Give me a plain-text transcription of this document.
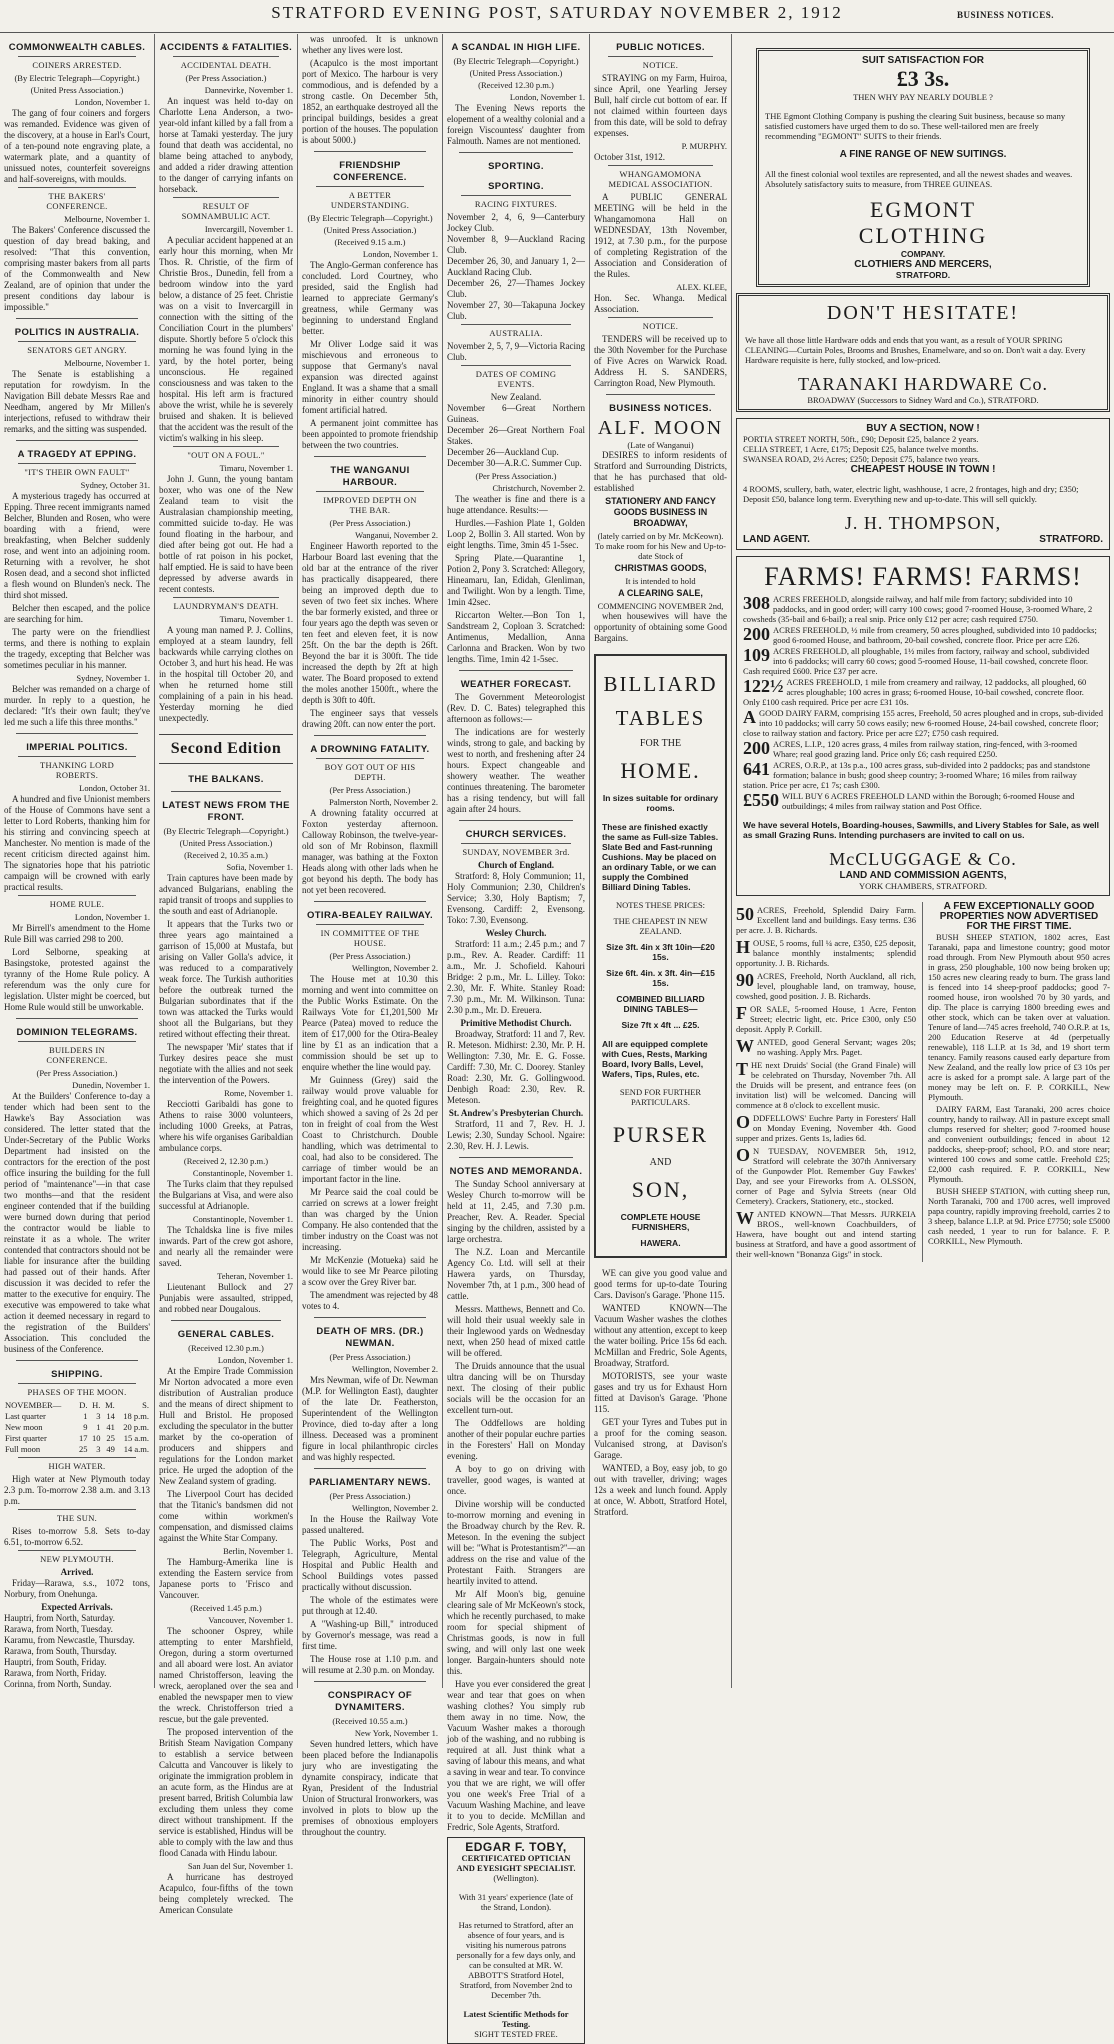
STRATFORD EVENING POST, SATURDAY NOVEMBER 2, 1912	BUSINESS NOTICES.
COMMONWEALTH CABLES.
COINERS ARRESTED.
(By Electric Telegraph—Copyright.)
(United Press Association.)
London, November 1.

The gang of four coiners and forgers was remanded. Evidence was given of the discovery, at a house in Earl's Court, of a ten-pound note engraving plate, a watermark plate, and a quantity of unissued notes, counterfeit sovereigns and half-sovereigns, with moulds.

THE BAKERS' CONFERENCE.
Melbourne, November 1.

The Bakers' Conference discussed the question of day bread baking, and resolved: "That this convention, comprising master bakers from all parts of the Commonwealth and New Zealand, are of opinion that under the present conditions day labour is impossible."

POLITICS IN AUSTRALIA.
SENATORS GET ANGRY.
Melbourne, November 1.

The Senate is establishing a reputation for rowdyism. In the Navigation Bill debate Messrs Rae and Needham, angered by Mr Millen's interjections, refused to withdraw their remarks, and the sitting was suspended.

A TRAGEDY AT EPPING.
"IT'S THEIR OWN FAULT"
Sydney, October 31.

A mysterious tragedy has occurred at Epping. Three recent immigrants named Belcher, Blunden and Rosen, who were boarding with a friend, were breakfasting, when Belcher suddenly rose, and went into an adjoining room. Returning with a revolver, he shot Rosen dead, and a second shot inflicted a flesh wound on Blunden's neck. The third shot missed.

Belcher then escaped, and the police are searching for him.

The party were on the friendliest terms, and there is nothing to explain the tragedy, excepting that Belcher was sometimes peculiar in his manner.

Sydney, November 1.

Belcher was remanded on a charge of murder. In reply to a question, he declared: "It's their own fault; they've led me such a life this three months."

IMPERIAL POLITICS.
THANKING LORD ROBERTS.
London, October 31.

A hundred and five Unionist members of the House of Commons have sent a letter to Lord Roberts, thanking him for his stirring and convincing speech at Manchester. No mention is made of the recent criticism directed against him. The signatories hope that his patriotic campaign will be crowned with early practical results.

HOME RULE.
London, November 1.

Mr Birrell's amendment to the Home Rule Bill was carried 298 to 200.

Lord Selborne, speaking at Basingstoke, protested against the tyranny of the Home Rule policy. A referendum was the only cure for legislation. Ulster might be coerced, but Home Rule would still be unworkable.

DOMINION TELEGRAMS.
BUILDERS IN CONFERENCE.
(Per Press Association.)
Dunedin, November 1.

At the Builders' Conference to-day a tender which had been sent to the Hawke's Bay Association was considered. The letter stated that the Under-Secretary of the Public Works Department had insisted on the contractors for the erection of the post office insuring the building for the full period of "maintenance"—in that case two months—and that the resident engineer contended that if the building were burned down during that period the contractor would be liable to reinstate it as a whole. The writer contended that contractors should not be liable for insurance after the building had passed out of their hands. After discussion it was decided to refer the matter to the executive for enquiry. The executive was empowered to take what action it deemed necessary in regard to the registration of the Builders' Association. This concluded the business of the Conference.

SHIPPING.
PHASES OF THE MOON.
NOVEMBER—	D.	H.	M.	S.
Last quarter	1	3	14	18 p.m.
New moon	9	1	41	20 p.m.
First quarter	17	10	25	15 a.m.
Full moon	25	3	49	14 a.m.
HIGH WATER.

High water at New Plymouth today 2.3 p.m. To-morrow 2.38 a.m. and 3.13 p.m.

THE SUN.

Rises to-morrow 5.8. Sets to-day 6.51, to-morrow 6.52.

NEW PLYMOUTH.
Arrived.

Friday—Rarawa, s.s., 1072 tons, Norbury, from Onehunga.

Expected Arrivals.
Hauptri, from North, Saturday.
Rarawa, from North, Tuesday.
Karamu, from Newcastle, Thursday.
Rarawa, from South, Thursday.
Hauptri, from South, Friday.
Rarawa, from North, Friday.
Corinna, from North, Sunday.
ACCIDENTS & FATALITIES.
ACCIDENTAL DEATH.
(Per Press Association.)
Dannevirke, November 1.

An inquest was held to-day on Charlotte Lena Anderson, a two-year-old infant killed by a fall from a horse at Tamaki yesterday. The jury found that death was accidental, no blame being attached to anybody, and added a rider drawing attention to the danger of carrying infants on horseback.

RESULT OF SOMNAMBULIC ACT.
Invercargill, November 1.

A peculiar accident happened at an early hour this morning, when Mr Thos. R. Christie, of the firm of Christie Bros., Dunedin, fell from a bedroom window into the yard below, a distance of 25 feet. Christie was on a visit to Invercargill in connection with the sitting of the Conciliation Court in the plumbers' dispute. Shortly before 5 o'clock this morning he was found lying in the yard, by the hotel porter, being unconscious. He regained consciousness and was taken to the hospital. His left arm is fractured above the wrist, while he is severely bruised and shaken. It is believed that the accident was the result of the victim's walking in his sleep.

"OUT ON A FOUL."
Timaru, November 1.

John J. Gunn, the young bantam boxer, who was one of the New Zealand team to visit the Australasian championship meeting, committed suicide to-day. He was found floating in the harbour, and died after being got out. He had a bottle of rat poison in his pocket, half emptied. He is said to have been depressed by adverse awards in recent contests.

LAUNDRYMAN'S DEATH.
Timaru, November 1.

A young man named P. J. Collins, employed at a steam laundry, fell backwards while carrying clothes on October 3, and hurt his head. He was in the hospital till October 20, and when he returned home still complaining of a pain in his head. Yesterday morning he died unexpectedly.

Second Edition
THE BALKANS.
LATEST NEWS FROM THE FRONT.
(By Electric Telegraph—Copyright.)
(United Press Association.)
(Received 2, 10.35 a.m.)
Sofia, November 1.

Train captures have been made by advanced Bulgarians, enabling the rapid transit of troops and supplies to the south and east of Adrianople.

It appears that the Turks two or three years ago maintained a garrison of 15,000 at Mustafa, but arising on Valler Golla's advice, it was reduced to a comparatively weak force. The Turkish authorities before the outbreak turned the Bulgarian subordinates that if the town was attacked the Turks would shoot all the Bulgarians, but they retired without effecting their threat.

The newspaper 'Mir' states that if Turkey desires peace she must negotiate with the allies and not seek the intervention of the Powers.

Rome, November 1.

Recciotti Garibaldi has gone to Athens to raise 3000 volunteers, including 1000 Greeks, at Patras, where his wife organises Garibaldian ambulance corps.

(Received 2, 12.30 p.m.)
Constantinople, November 1.

The Turks claim that they repulsed the Bulgarians at Visa, and were also successful at Adrianople.

Constantinople, November 1.

The Tchaldska line is five miles inwards. Part of the crew got ashore, and nearly all the remainder were saved.

Teheran, November 1.

Lieutenant Bullock and 27 Punjabis were assaulted, stripped, and robbed near Dougalous.

GENERAL CABLES.
(Received 12.30 p.m.)
London, November 1.

At the Empire Trade Commission Mr Norton advocated a more even distribution of Australian produce and the means of direct shipment to Hull and Bristol. He proposed excluding the speculator in the butter market by the co-operation of producers and shippers and regulations for the London market price. He urged the adoption of the New Zealand system of grading.

The Liverpool Court has decided that the Titanic's bandsmen did not come within workmen's compensation, and dismissed claims against the White Star Company.

Berlin, November 1.

The Hamburg-Amerika line is extending the Eastern service from Japanese ports to 'Frisco and Vancouver.

(Received 1.45 p.m.)
Vancouver, November 1.

The schooner Osprey, while attempting to enter Marshfield, Oregon, during a storm overturned and all aboard were lost. An aviator named Christofferson, leaving the wreck, aeroplaned over the sea and enabled the newspaper men to view the wreck. Christofferson tried a rescue, but the gale prevented.

The proposed intervention of the British Steam Navigation Company to establish a service between Calcutta and Vancouver is likely to originate the immigration problem in an acute form, as the Hindus are at present barred, British Columbia law excluding them unless they come direct without transhipment. If the service is established, Hindus will be able to comply with the law and thus flood Canada with Hindu labour.

San Juan del Sur, November 1.

A hurricane has destroyed Acapulco, four-fifths of the town being completely wrecked. The American Consulate

was unroofed. It is unknown whether any lives were lost.

(Acapulco is the most important port of Mexico. The harbour is very commodious, and is defended by a strong castle. On December 5th, 1852, an earthquake destroyed all the principal buildings, besides a great portion of the houses. The population is about 5000.)

FRIENDSHIP CONFERENCE.
A BETTER UNDERSTANDING.
(By Electric Telegraph—Copyright.)
(United Press Association.)
(Received 9.15 a.m.)
London, November 1.

The Anglo-German conference has concluded. Lord Courtney, who presided, said the English had learned to appreciate Germany's greatness, while Germany was beginning to understand England better.

Mr Oliver Lodge said it was mischievous and erroneous to suppose that Germany's naval expansion was directed against England. It was a shame that a small minority in either country should foment artificial hatred.

A permanent joint committee has been appointed to promote friendship between the two countries.

THE WANGANUI HARBOUR.
IMPROVED DEPTH ON THE BAR.
(Per Press Association.)
Wanganui, November 2.

Engineer Haworth reported to the Harbour Board last evening that the old bar at the entrance of the river has practically disappeared, there being an improved depth due to seven of two feet six inches. Where the bar formerly existed, and three or four years ago the depth was seven or ten feet and eleven feet, it is now 25ft. On the bar the depth is 26ft. Beyond the bar it is 300ft. The tide increased the depth by 2ft at high water. The Board proposed to extend the moles another 1500ft., where the depth is 30ft to 40ft.

The engineer says that vessels drawing 20ft. can now enter the port.

A DROWNING FATALITY.
BOY GOT OUT OF HIS DEPTH.
(Per Press Association.)
Palmerston North, November 2.

A drowning fatality occurred at Foxton yesterday afternoon. Calloway Robinson, the twelve-year-old son of Mr Robinson, flaxmill manager, was bathing at the Foxton Heads along with other lads when he got beyond his depth. The body has not yet been recovered.

OTIRA-BEALEY RAILWAY.
IN COMMITTEE OF THE HOUSE.
(Per Press Association.)
Wellington, November 2.

The House met at 10.30 this morning and went into committee on the Public Works Estimate. On the Railways Vote for £1,201,500 Mr Pearce (Patea) moved to reduce the item of £17,000 for the Otira-Bealey line by £1 as an indication that a commission should be set up to enquire whether the line would pay.

Mr Guinness (Grey) said the railway would prove valuable for freighting coal, and he quoted figures which showed a saving of 2s 2d per ton in freight of coal from the West Coast to Christchurch. Double handling, which was detrimental to coal, had also to be considered. The carriage of timber would be an important factor in the line.

Mr Pearce said the coal could be carried on screws at a lower freight than was charged by the Union Company. He also contended that the timber industry on the Coast was not increasing.

Mr McKenzie (Motueka) said he would like to see Mr Pearce piloting a scow over the Grey River bar.

The amendment was rejected by 48 votes to 4.

DEATH OF MRS. (DR.) NEWMAN.
(Per Press Association.)
Wellington, November 2.

Mrs Newman, wife of Dr. Newman (M.P. for Wellington East), daughter of the late Dr. Featherston, Superintendent of the Wellington Province, died to-day after a long illness. Deceased was a prominent figure in local philanthropic circles and was highly respected.

PARLIAMENTARY NEWS.
(Per Press Association.)
Wellington, November 2.

In the House the Railway Vote passed unaltered.

The Public Works, Post and Telegraph, Agriculture, Mental Hospital and Public Health and School Buildings votes passed practically without discussion.

The whole of the estimates were put through at 12.40.

A "Washing-up Bill," introduced by Governor's message, was read a first time.

The House rose at 1.10 p.m. and will resume at 2.30 p.m. on Monday.

CONSPIRACY OF DYNAMITERS.
(Received 10.55 a.m.)
New York, November 1.

Seven hundred letters, which have been placed before the Indianapolis jury who are investigating the dynamite conspiracy, indicate that Ryan, President of the Industrial Union of Structural Ironworkers, was involved in plots to blow up the premises of obnoxious employers throughout the country.

A SCANDAL IN HIGH LIFE.
(By Electric Telegraph—Copyright.)
(United Press Association.)
(Received 12.30 p.m.)
London, November 1.

The Evening News reports the elopement of a wealthy colonial and a foreign Viscountess' daughter from Falmouth. Names are not mentioned.

SPORTING.
SPORTING.
RACING FIXTURES.
November 2, 4, 6, 9—Canterbury Jockey Club.
November 8, 9—Auckland Racing Club.
December 26, 30, and January 1, 2—Auckland Racing Club.
December 26, 27—Thames Jockey Club.
November 27, 30—Takapuna Jockey Club.
AUSTRALIA.
November 2, 5, 7, 9—Victoria Racing Club.
DATES OF COMING EVENTS.
New Zealand.
November 6—Great Northern Guineas.
December 26—Great Northern Foal Stakes.
December 26—Auckland Cup.
December 30—A.R.C. Summer Cup.
(Per Press Association.)
Christchurch, November 2.

The weather is fine and there is a huge attendance. Results:—

Hurdles.—Fashion Plate 1, Golden Loop 2, Bollin 3. All started. Won by eight lengths. Time, 3min 45 1-5sec.

Spring Plate.—Quarantine 1, Potion 2, Pony 3. Scratched: Allegory, Hineamaru, Ian, Edidah, Glenliman, and Twilight. Won by a length. Time, 1min 42sec.

Riccarton Welter.—Bon Ton 1, Sandstream 2, Coploan 3. Scratched: Antimenus, Medallion, Anna Carlonna and Bracken. Won by two lengths. Time, 1min 42 1-5sec.

WEATHER FORECAST.

The Government Meteorologist (Rev. D. C. Bates) telegraphed this afternoon as follows:—

The indications are for westerly winds, strong to gale, and backing by west to north, and freshening after 24 hours. Expect changeable and showery weather. The weather continues threatening. The barometer has a rising tendency, but will fall again after 24 hours.

CHURCH SERVICES.
SUNDAY, NOVEMBER 3rd.
Church of England.

Stratford: 8, Holy Communion; 11, Holy Communion; 2.30, Children's Service; 3.30, Holy Baptism; 7, Evensong. Cardiff: 2, Evensong. Toko: 7.30, Evensong.

Wesley Church.

Stratford: 11 a.m.; 2.45 p.m.; and 7 p.m., Rev. A. Reader. Cardiff: 11 a.m., Mr. J. Schofield. Kahouri Bridge: 2 p.m., Mr. L. Lilley. Toko: 2.30, Mr. F. White. Stanley Road: 7.30 p.m., Mr. M. Wilkinson. Tuna: 2.30 p.m., Mr. D. Ereuera.

Primitive Methodist Church.

Broadway, Stratford: 11 and 7, Rev. R. Meteson. Midhirst: 2.30, Mr. P. H. Wellington: 7.30, Mr. E. G. Fosse. Cardiff: 7.30, Mr. C. Doorey. Stanley Road: 2.30, Mr. G. Gollingwood. Denbigh Road: 2.30, Rev. R. Meteson.

St. Andrew's Presbyterian Church.

Stratford, 11 and 7, Rev. H. J. Lewis; 2.30, Sunday School. Ngaire: 2.30, Rev. H. J. Lewis.

NOTES AND MEMORANDA.

The Sunday School anniversary at Wesley Church to-morrow will be held at 11, 2.45, and 7.30 p.m. Preacher, Rev. A. Reader. Special singing by the children, assisted by a large orchestra.

The N.Z. Loan and Mercantile Agency Co. Ltd. will sell at their Hawera yards, on Thursday, November 7th, at 1 p.m., 300 head of cattle.

Messrs. Matthews, Bennett and Co. will hold their usual weekly sale in their Inglewood yards on Wednesday next, when 250 head of mixed cattle will be offered.

The Druids announce that the usual ultra dancing will be on Thursday next. The closing of their public socials will be the occasion for an excellent turn-out.

The Oddfellows are holding another of their popular euchre parties in the Foresters' Hall on Monday evening.

A boy to go on driving with traveller, good wages, is wanted at once.

Divine worship will be conducted to-morrow morning and evening in the Broadway church by the Rev. R. Meteson. In the evening the subject will be: "What is Protestantism?"—an address on the rise and value of the Protestant Faith. Strangers are heartily invited to attend.

Mr Alf Moon's big, genuine clearing sale of Mr McKeown's stock, which he recently purchased, to make room for special shipment of Christmas goods, is now in full swing, and will only last one week longer. Bargain-hunters should note this.

Have you ever considered the great wear and tear that goes on when washing clothes? You simply rub them away in no time. Now, the Vacuum Washer makes a thorough job of the washing, and no rubbing is required at all. Just think what a saving of labour this means, and what a saving in wear and tear. To convince you that we are right, we will offer you one week's Free Trial of a Vacuum Washing Machine, and leave it to you to decide. McMillan and Fredric, Sole Agents, Stratford.

EDGAR F. TOBY,
CERTIFICATED OPTICIAN AND EYESIGHT SPECIALIST.
(Wellington).

With 31 years' experience (late of the Strand, London).

Has returned to Stratford, after an absence of four years, and is visiting his numerous patrons personally for a few days only, and can be consulted at MR. W. ABBOTT'S Stratford Hotel, Stratford, from November 2nd to December 7th.

Latest Scientific Methods for Testing.
SIGHT TESTED FREE.
PUBLIC NOTICES.
NOTICE.

STRAYING on my Farm, Huiroa, since April, one Yearling Jersey Bull, half circle cut bottom of ear. If not claimed within fourteen days from this date, will be sold to defray expenses.

P. MURPHY.
October 31st, 1912.
WHANGAMOMONA MEDICAL ASSOCIATION.

A PUBLIC GENERAL MEETING will be held in the Whangamomona Hall on WEDNESDAY, 13th November, 1912, at 7.30 p.m., for the purpose of completing Registration of the Association and Consideration of the Rules.

ALEX. KLEE,
Hon. Sec. Whanga. Medical Association.
NOTICE.

TENDERS will be received up to the 30th November for the Purchase of Five Acres on Warwick Road. Address H. S. SANDERS, Carrington Road, New Plymouth.

BUSINESS NOTICES.
ALF. MOON
(Late of Wanganui)

DESIRES to inform residents of Stratford and Surrounding Districts, that he has purchased that old-established

STATIONERY AND FANCY GOODS BUSINESS IN BROADWAY,
(lately carried on by Mr. McKeown).
To make room for his New and Up-to-date Stock of
CHRISTMAS GOODS,
It is intended to hold
A CLEARING SALE,
COMMENCING NOVEMBER 2nd,

when housewives will have the opportunity of obtaining some Good Bargains.

BILLIARD
TABLES
FOR THE
HOME.
In sizes suitable for ordinary rooms.

These are finished exactly the same as Full-size Tables. Slate Bed and Fast-running Cushions. May be placed on an ordinary Table, or we can supply the Combined Billiard Dining Tables.

NOTES THESE PRICES:
THE CHEAPEST IN NEW ZEALAND.
Size 3ft. 4in x 3ft 10in—£20 15s.
Size 6ft. 4in. x 3ft. 4in—£15 15s.
COMBINED BILLIARD DINING TABLES—
Size 7ft x 4ft ... £25.

All are equipped complete with Cues, Rests, Marking Board, Ivory Balls, Level, Wafers, Tips, Rules, etc.

SEND FOR FURTHER PARTICULARS.
PURSER
AND
SON,
COMPLETE HOUSE FURNISHERS,
HAWERA.

WE can give you good value and good terms for up-to-date Touring Cars. Davison's Garage. 'Phone 115.

WANTED KNOWN—The Vacuum Washer washes the clothes without any attention, except to keep the water boiling. Price 15s 6d each. McMillan and Fredric, Sole Agents, Broadway, Stratford.

MOTORISTS, see your waste gases and try us for Exhaust Horn fitted at Davison's Garage. 'Phone 115.

GET your Tyres and Tubes put in a proof for the coming season. Vulcanised strong, at Davison's Garage.

WANTED, a Boy, easy job, to go out with traveller, driving; wages 12s a week and lunch found. Apply at once, W. Abbott, Stratford Hotel, Stratford.

SUIT SATISFACTION FOR
£3 3s.
THEN WHY PAY NEARLY DOUBLE ?

THE Egmont Clothing Company is pushing the clearing Suit business, because so many satisfied customers have urged them to do so. These well-tailored men are freely recommending "EGMONT" SUITS to their friends.

A FINE RANGE OF NEW SUITINGS.

All the finest colonial wool textiles are represented, and all the newest shades and weaves. Absolutely satisfactory suits to measure, from THREE GUINEAS.

EGMONT
CLOTHING
COMPANY.
CLOTHIERS AND MERCERS,
STRATFORD.
DON'T HESITATE!

We have all those little Hardware odds and ends that you want, as a result of YOUR SPRING CLEANING—Curtain Poles, Brooms and Brushes, Enamelware, and so on. Don't wait a day. Every Hardware requisite is here, fully stocked, and low-priced.

TARANAKI HARDWARE Co.
BROADWAY (Successors to Sidney Ward and Co.), STRATFORD.
BUY A SECTION, NOW !
PORTIA STREET NORTH, 50ft., £90; Deposit £25, balance 2 years.
CELIA STREET, 1 Acre, £175; Deposit £25, balance twelve months.
SWANSEA ROAD, 2½ Acres; £250; Deposit £75, balance two years.
CHEAPEST HOUSE IN TOWN !

4 ROOMS, scullery, bath, water, electric light, washhouse, 1 acre, 2 frontages, high and dry; £350; Deposit £50, balance long term. Everything new and up-to-date. This will sell quickly.

J. H. THOMPSON,
LAND AGENT.	STRATFORD.
FARMS! FARMS! FARMS!
308 ACRES FREEHOLD, alongside railway, and half mile from factory; subdivided into 10 paddocks, and in good order; will carry 100 cows; good 7-roomed House, 3-roomed Whare, 2 cowsheds (35-bail and 6-bail); a real snip. Price only £12 per acre; cash required £750.
200 ACRES FREEHOLD, ½ mile from creamery, 50 acres ploughed, subdivided into 10 paddocks; good 6-roomed House, and bathroom, 20-bail cowshed, concrete floor. Price per acre £26.
109 ACRES FREEHOLD, all ploughable, 1½ miles from factory, railway and school, subdivided into 6 paddocks; will carry 60 cows; good 5-roomed House, 11-bail cowshed, concrete floor. Cash required £600. Price £37 per acre.
122½ ACRES FREEHOLD, 1 mile from creamery and railway, 12 paddocks, all ploughed, 60 acres ploughable; 100 acres in grass; 6-roomed House, 10-bail cowshed, concrete floor. Only £100 cash required. Price per acre £31 10s.
AGOOD DAIRY FARM, comprising 155 acres, Freehold, 50 acres ploughed and in crops, sub-divided into 10 paddocks; will carry 50 cows easily; new 6-roomed House, 24-bail cowshed, concrete floor; close to railway station and factory. Price per acre £27; £750 cash required.
200 ACRES, L.I.P., 120 acres grass, 4 miles from railway station, ring-fenced, with 3-roomed Whare; real good grazing land. Price only £6; cash required £250.
641 ACRES, O.R.P., at 13s p.a., 100 acres grass, sub-divided into 2 paddocks; pas and standstone formation; balance in bush; good sheep country; 3-roomed Whare; 16 miles from railway station. Price per acre, £1 7s; cash £300.
£550 WILL BUY 6 ACRES FREEHOLD LAND within the Borough; 6-roomed House and outbuildings; 4 miles from railway station and Post Office.

We have several Hotels, Boarding-houses, Sawmills, and Livery Stables for Sale, as well as small Grazing Runs. Intending purchasers are invited to call on us.

McCLUGGAGE & Co.
LAND AND COMMISSION AGENTS,
YORK CHAMBERS, STRATFORD.
50 ACRES, Freehold, Splendid Dairy Farm. Excellent land and buildings. Easy terms. £36 per acre. J. B. Richards.
HOUSE, 5 rooms, full ¼ acre, £350, £25 deposit, balance monthly instalments; splendid opportunity. J. B. Richards.
90 ACRES, Freehold, North Auckland, all rich, level, ploughable land, on tramway, house, cowshed, good position. J. B. Richards.
FOR SALE, 5-roomed House, 1 Acre, Fenton Street; electric light, etc. Price £300, only £50 deposit. Apply P. Corkill.
WANTED, good General Servant; wages 20s; no washing. Apply Mrs. Paget.
THE next Druids' Social (the Grand Finale) will be celebrated on Thursday, November 7th. All the Druids will be present, and entrance fees (on invitation list) will be welcomed. Dancing will commence at 8 o'clock to excellent music.
ODDFELLOWS' Euchre Party in Foresters' Hall on Monday Evening, November 4th. Good supper and prizes. Gents 1s, ladies 6d.
O N TUESDAY, NOVEMBER 5th, 1912, Stratford will celebrate the 307th Anniversary of the Gunpowder Plot. Remember Guy Fawkes' Day, and see your Fireworks from A. OLSSON, corner of Page and Sylvia Streets (near Old Cemetery). Crackers, Stationery, etc., stocked.
WANTED KNOWN—That Messrs. JURKEIA BROS., well-known Coachbuilders, of Hawera, have bought out and intend starting business at Stratford, and have a good assortment of their well-known "Bonanza Gigs" in stock.
A FEW EXCEPTIONALLY GOOD PROPERTIES NOW ADVERTISED FOR THE FIRST TIME.

BUSH SHEEP STATION, 1802 acres, East Taranaki, papa and limestone country; good motor road through. From New Plymouth about 950 acres in grass, 250 ploughable, 100 now being broken up; 150 acres new clearing ready to burn. The grass land is fenced into 14 sheep-proof paddocks; good 7-roomed house, iron woolshed 70 by 30 yards, and dip. The place is carrying 1800 breeding ewes and other stock, which can be taken over at valuation. Tenure of land—745 acres freehold, 740 O.R.P. at 1s, 200 Education Reserve at 4d (perpetually renewable), 118 L.I.P. at 1s 3d, and 19 short term tenancy. Family reasons caused early departure from New Zealand, and the really low price of £3 10s per acre is asked for a prompt sale. A large part of the money may be left on. F. P. CORKILL, New Plymouth.

DAIRY FARM, East Taranaki, 200 acres choice country, handy to railway. All in pasture except small clumps reserved for shelter; good 7-roomed house and convenient outbuildings; fenced in about 12 paddocks, sheep-proof; school, P.O. and store near; wintered 100 cows and some cattle. Freehold £25; £2,000 cash required. F. P. CORKILL, New Plymouth.

BUSH SHEEP STATION, with cutting sheep run, North Taranaki, 700 and 1700 acres, well improved papa country, rapidly improving freehold, carries 2 to 3 sheep, balance L.I.P. at 9d. Price £7750; sole £5000 cash needed, 1 year to run for balance. F. P. CORKILL, New Plymouth.
